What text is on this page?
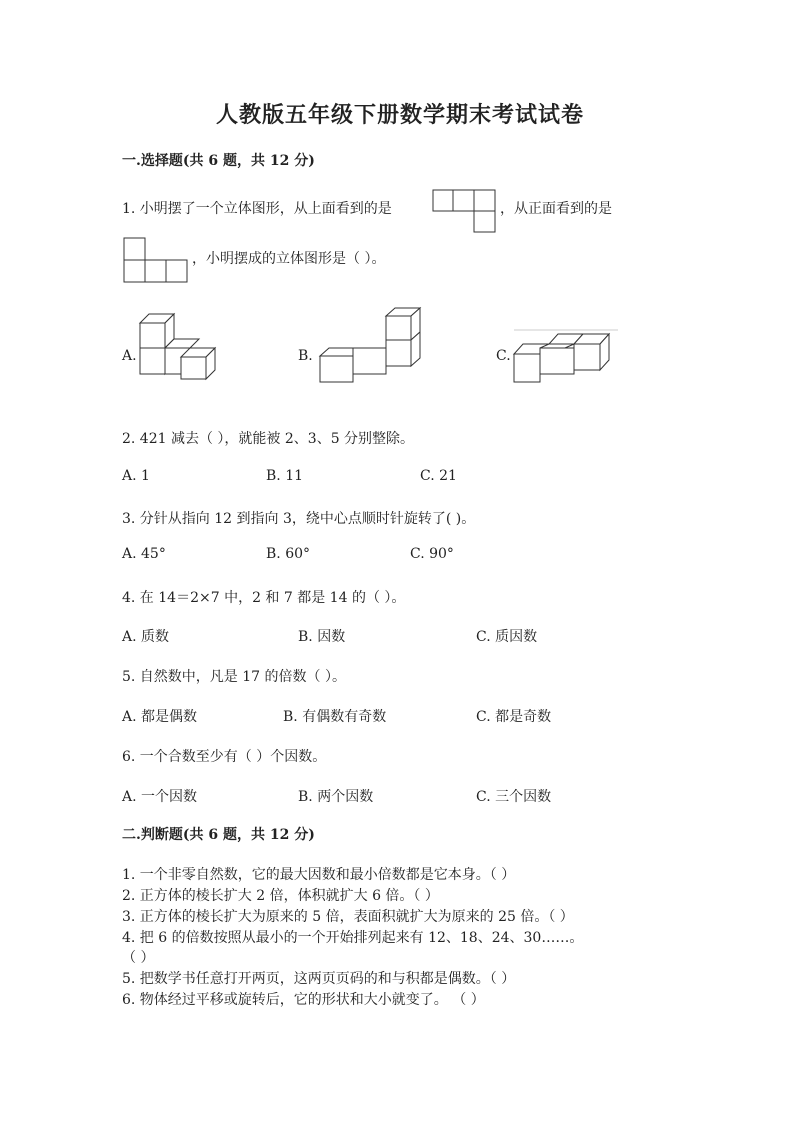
人教版五年级下册数学期末考试试卷
一.选择题(共 6 题，共 12 分)
1. 小明摆了一个立体图形，从上面看到的是	，从正面看到的是
，小明摆成的立体图形是（ ）。
A.	B.	C.
2. 421 减去（ ），就能被 2、3、5 分别整除。
A. 1	B. 11	C. 21
3. 分针从指向 12 到指向 3，绕中心点顺时针旋转了( )。
A. 45°	B. 60°	C. 90°
4. 在 14＝2×7 中，2 和 7 都是 14 的（ ）。
A. 质数	B. 因数	C. 质因数
5. 自然数中，凡是 17 的倍数（ ）。
A. 都是偶数	B. 有偶数有奇数	C. 都是奇数
6. 一个合数至少有（ ）个因数。
A. 一个因数	B. 两个因数	C. 三个因数
二.判断题(共 6 题，共 12 分)
1. 一个非零自然数，它的最大因数和最小倍数都是它本身。（ ）
2. 正方体的棱长扩大 2 倍，体积就扩大 6 倍。（ ）
3. 正方体的棱长扩大为原来的 5 倍，表面积就扩大为原来的 25 倍。（ ）
4. 把 6 的倍数按照从最小的一个开始排列起来有 12、18、24、30……。
（ ）
5. 把数学书任意打开两页，这两页页码的和与积都是偶数。（ ）
6. 物体经过平移或旋转后，它的形状和大小就变了。 （ ）
